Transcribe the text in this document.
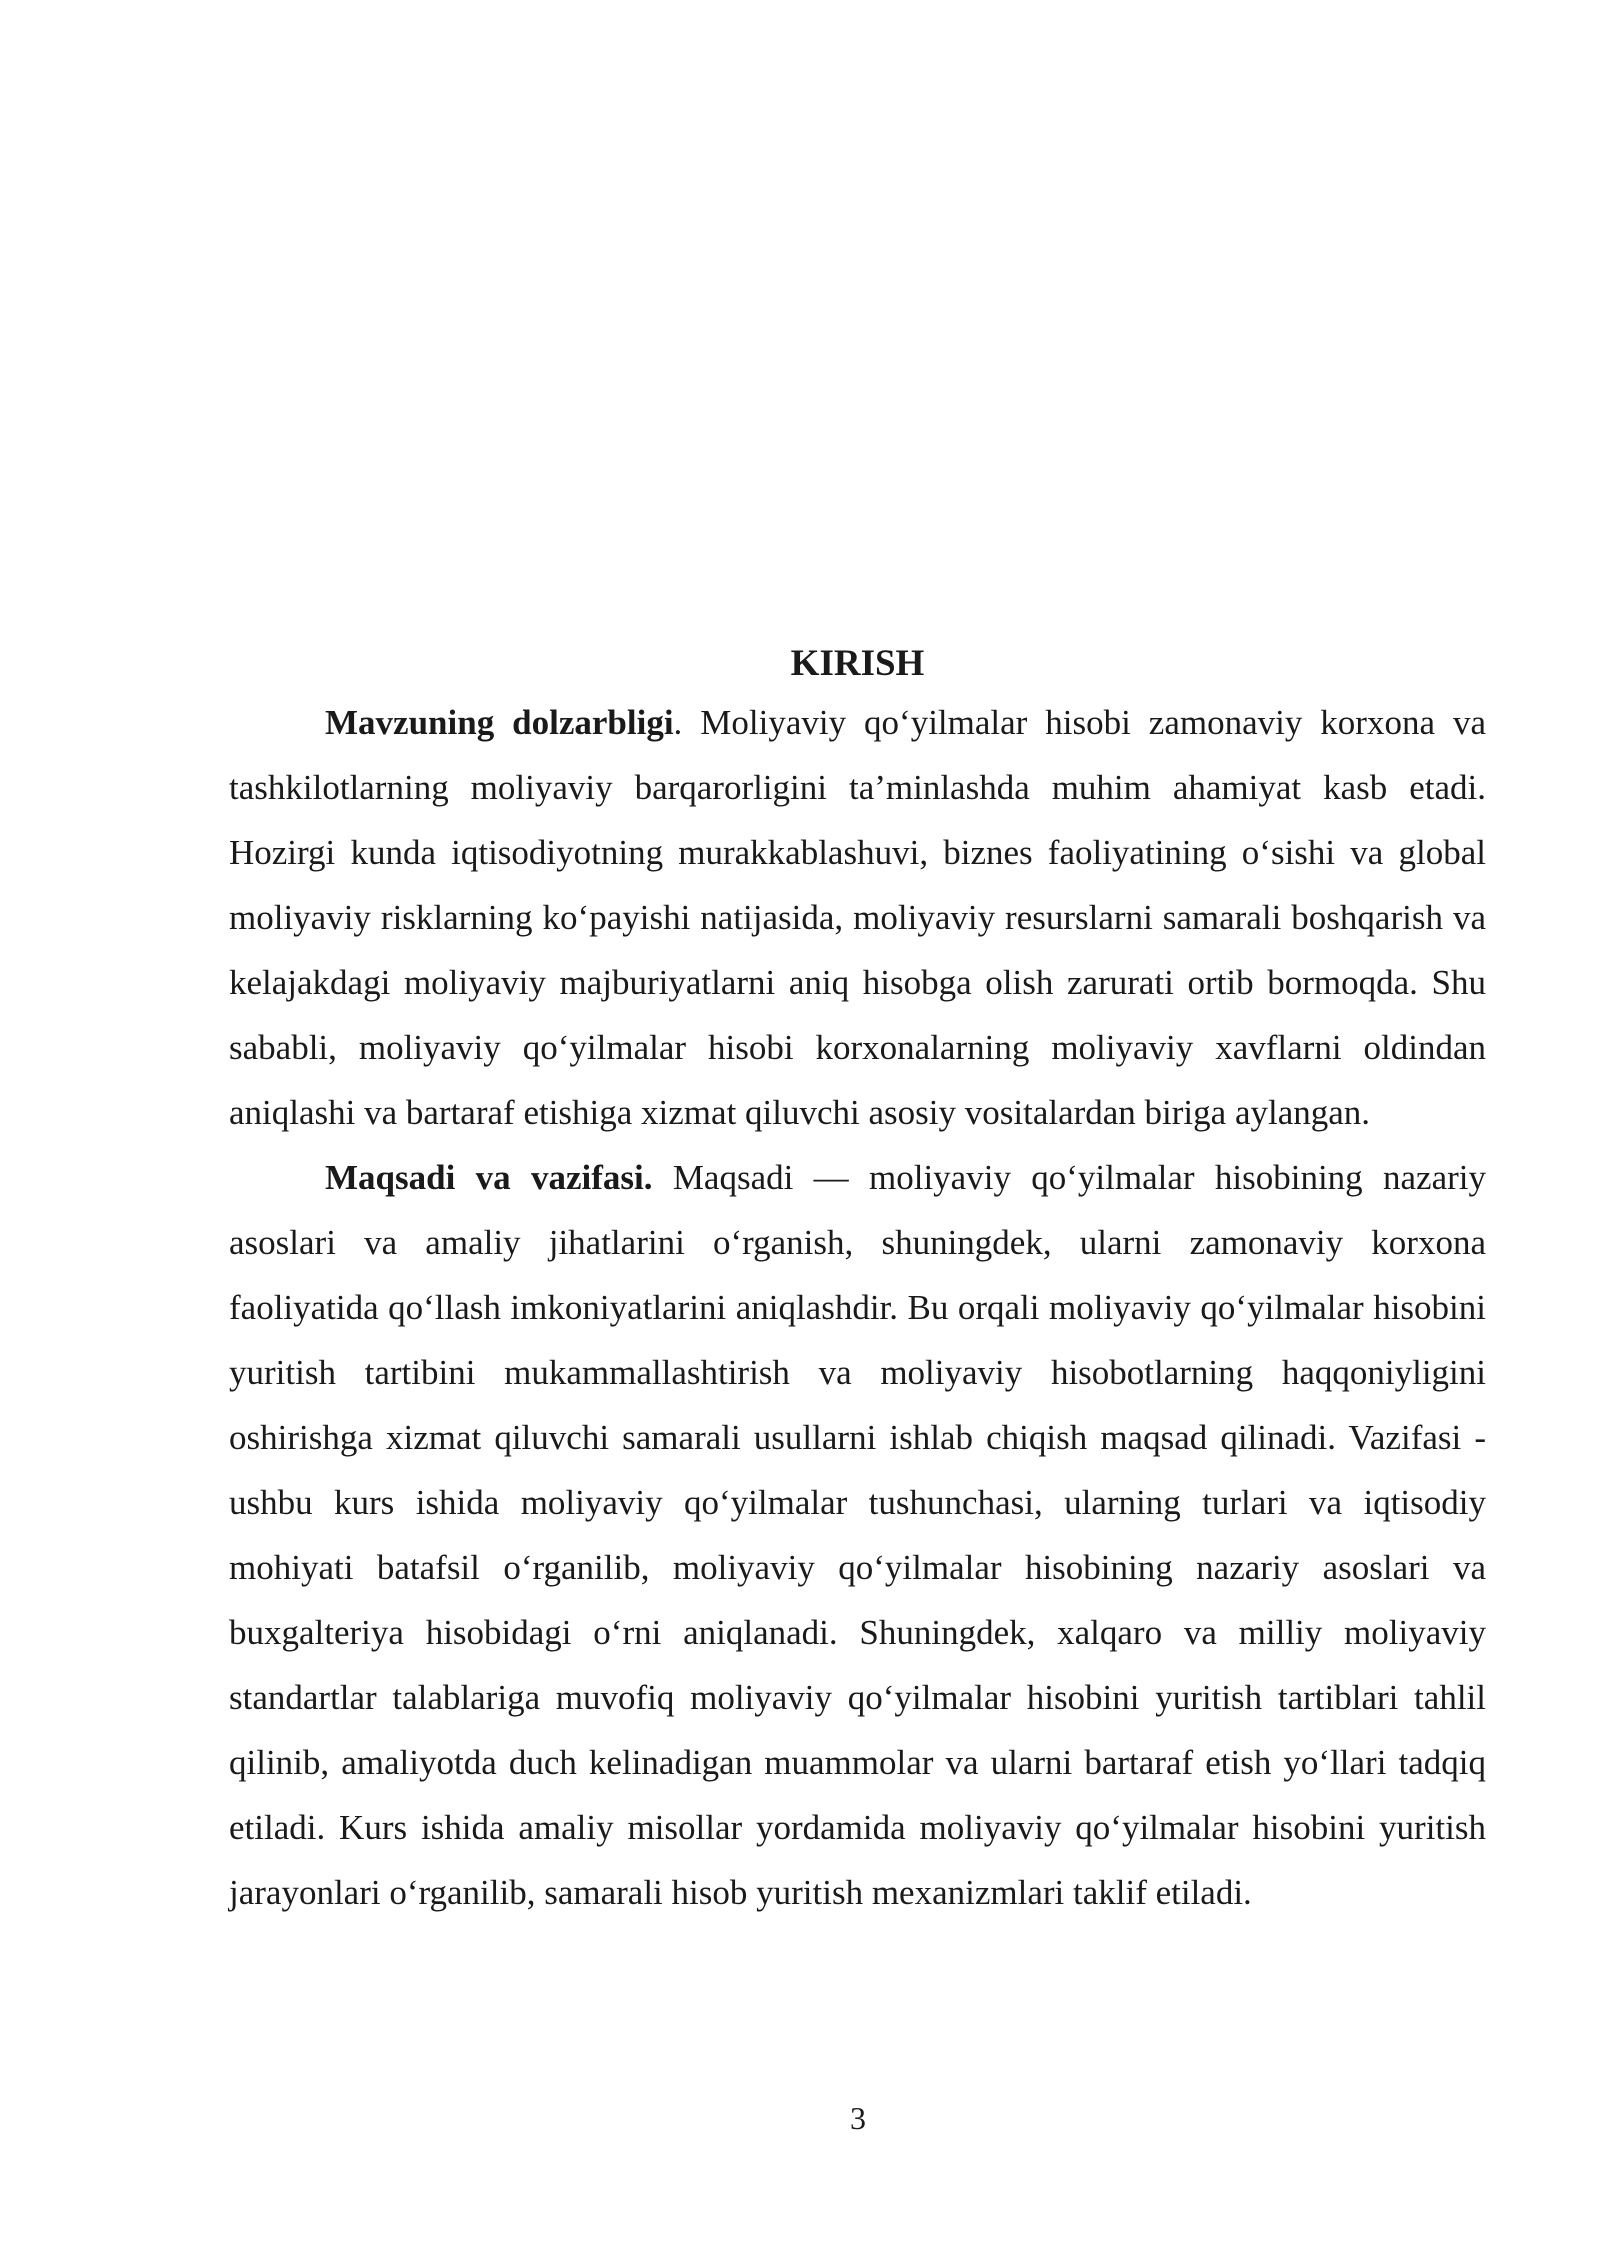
KIRISH

Mavzuning dolzarbligi. Moliyaviy qo‘yilmalar hisobi zamonaviy korxona va tashkilotlarning moliyaviy barqarorligini ta’minlashda muhim ahamiyat kasb etadi. Hozirgi kunda iqtisodiyotning murakkablashuvi, biznes faoliyatining o‘sishi va global moliyaviy risklarning ko‘payishi natijasida, moliyaviy resurslarni samarali boshqarish va kelajakdagi moliyaviy majburiyatlarni aniq hisobga olish zarurati ortib bormoqda. Shu sababli, moliyaviy qo‘yilmalar hisobi korxonalarning moliyaviy xavflarni oldindan aniqlashi va bartaraf etishiga xizmat qiluvchi asosiy vositalardan biriga aylangan.

Maqsadi va vazifasi. Maqsadi — moliyaviy qo‘yilmalar hisobining nazariy asoslari va amaliy jihatlarini o‘rganish, shuningdek, ularni zamonaviy korxona faoliyatida qo‘llash imkoniyatlarini aniqlashdir. Bu orqali moliyaviy qo‘yilmalar hisobini yuritish tartibini mukammallashtirish va moliyaviy hisobotlarning haqqoniyligini oshirishga xizmat qiluvchi samarali usullarni ishlab chiqish maqsad qilinadi. Vazifasi - ushbu kurs ishida moliyaviy qo‘yilmalar tushunchasi, ularning turlari va iqtisodiy mohiyati batafsil o‘rganilib, moliyaviy qo‘yilmalar hisobining nazariy asoslari va buxgalteriya hisobidagi o‘rni aniqlanadi. Shuningdek, xalqaro va milliy moliyaviy standartlar talablariga muvofiq moliyaviy qo‘yilmalar hisobini yuritish tartiblari tahlil qilinib, amaliyotda duch kelinadigan muammolar va ularni bartaraf etish yo‘llari tadqiq etiladi. Kurs ishida amaliy misollar yordamida moliyaviy qo‘yilmalar hisobini yuritish jarayonlari o‘rganilib, samarali hisob yuritish mexanizmlari taklif etiladi.

3
